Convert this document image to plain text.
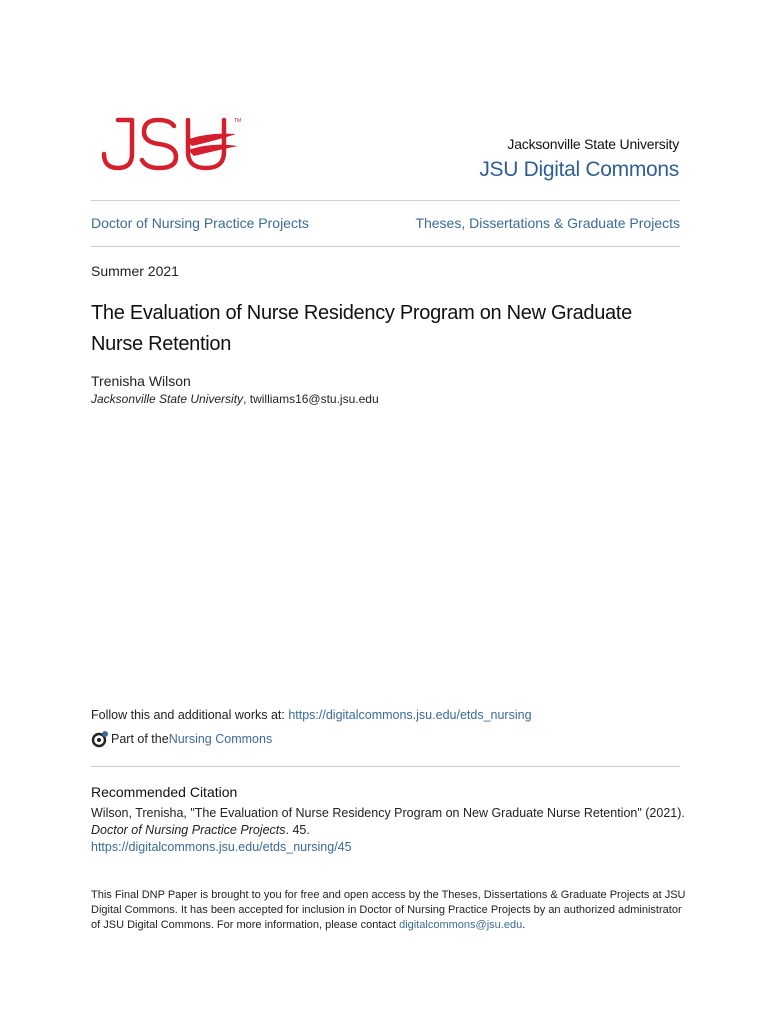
TM
Jacksonville State University
JSU Digital Commons
Doctor of Nursing Practice Projects	Theses, Dissertations & Graduate Projects
Summer 2021
The Evaluation of Nurse Residency Program on New Graduate Nurse Retention
Trenisha Wilson
Jacksonville State University, twilliams16@stu.jsu.edu
Follow this and additional works at: https://digitalcommons.jsu.edu/etds_nursing
Part of the Nursing Commons
Recommended Citation
Wilson, Trenisha, "The Evaluation of Nurse Residency Program on New Graduate Nurse Retention" (2021).
Doctor of Nursing Practice Projects. 45.
https://digitalcommons.jsu.edu/etds_nursing/45
This Final DNP Paper is brought to you for free and open access by the Theses, Dissertations & Graduate Projects at JSU Digital Commons. It has been accepted for inclusion in Doctor of Nursing Practice Projects by an authorized administrator of JSU Digital Commons. For more information, please contact digitalcommons@jsu.edu.
